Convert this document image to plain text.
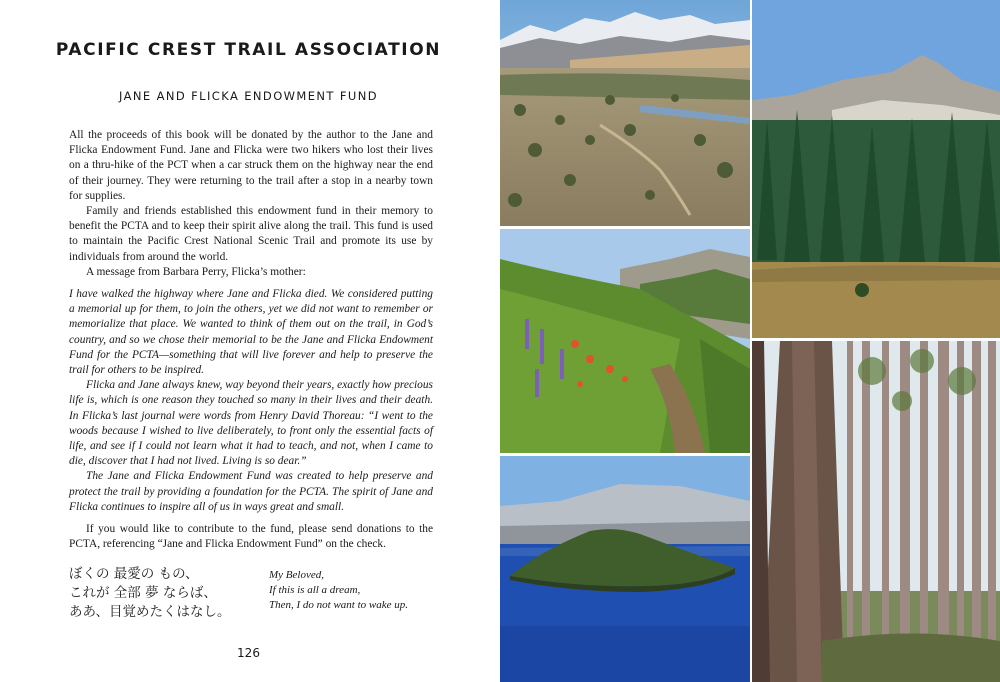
PACIFIC CREST TRAIL ASSOCIATION
JANE AND FLICKA ENDOWMENT FUND

All the proceeds of this book will be donated by the author to the Jane and Flicka Endowment Fund. Jane and Flicka were two hikers who lost their lives on a thru-hike of the PCT when a car struck them on the highway near the end of their journey. They were returning to the trail after a stop in a nearby town for supplies.

Family and friends established this endowment fund in their memory to benefit the PCTA and to keep their spirit alive along the trail. This fund is used to maintain the Pacific Crest National Scenic Trail and promote its use by individuals from around the world.

A message from Barbara Perry, Flicka’s mother:

I have walked the highway where Jane and Flicka died. We considered putting a memorial up for them, to join the others, yet we did not want to remember or memorialize that place. We wanted to think of them out on the trail, in God’s country, and so we chose their memorial to be the Jane and Flicka Endowment Fund for the PCTA—something that will live forever and help to preserve the trail for others to be inspired.

Flicka and Jane always knew, way beyond their years, exactly how precious life is, which is one reason they touched so many in their lives and their death. In Flicka’s last journal were words from Henry David Thoreau: “I went to the woods because I wished to live deliberately, to front only the essential facts of life, and see if I could not learn what it had to teach, and not, when I came to die, discover that I had not lived. Living is so dear.”

The Jane and Flicka Endowment Fund was created to help preserve and protect the trail by providing a foundation for the PCTA. The spirit of Jane and Flicka continues to inspire all of us in ways great and small.

If you would like to contribute to the fund, please send donations to the PCTA, referencing “Jane and Flicka Endowment Fund” on the check.

ぼくの 最愛の もの、
これが 全部 夢 ならば、
ああ、目覚めたくはなし。
My Beloved,
If this is all a dream,
Then, I do not want to wake up.
126
